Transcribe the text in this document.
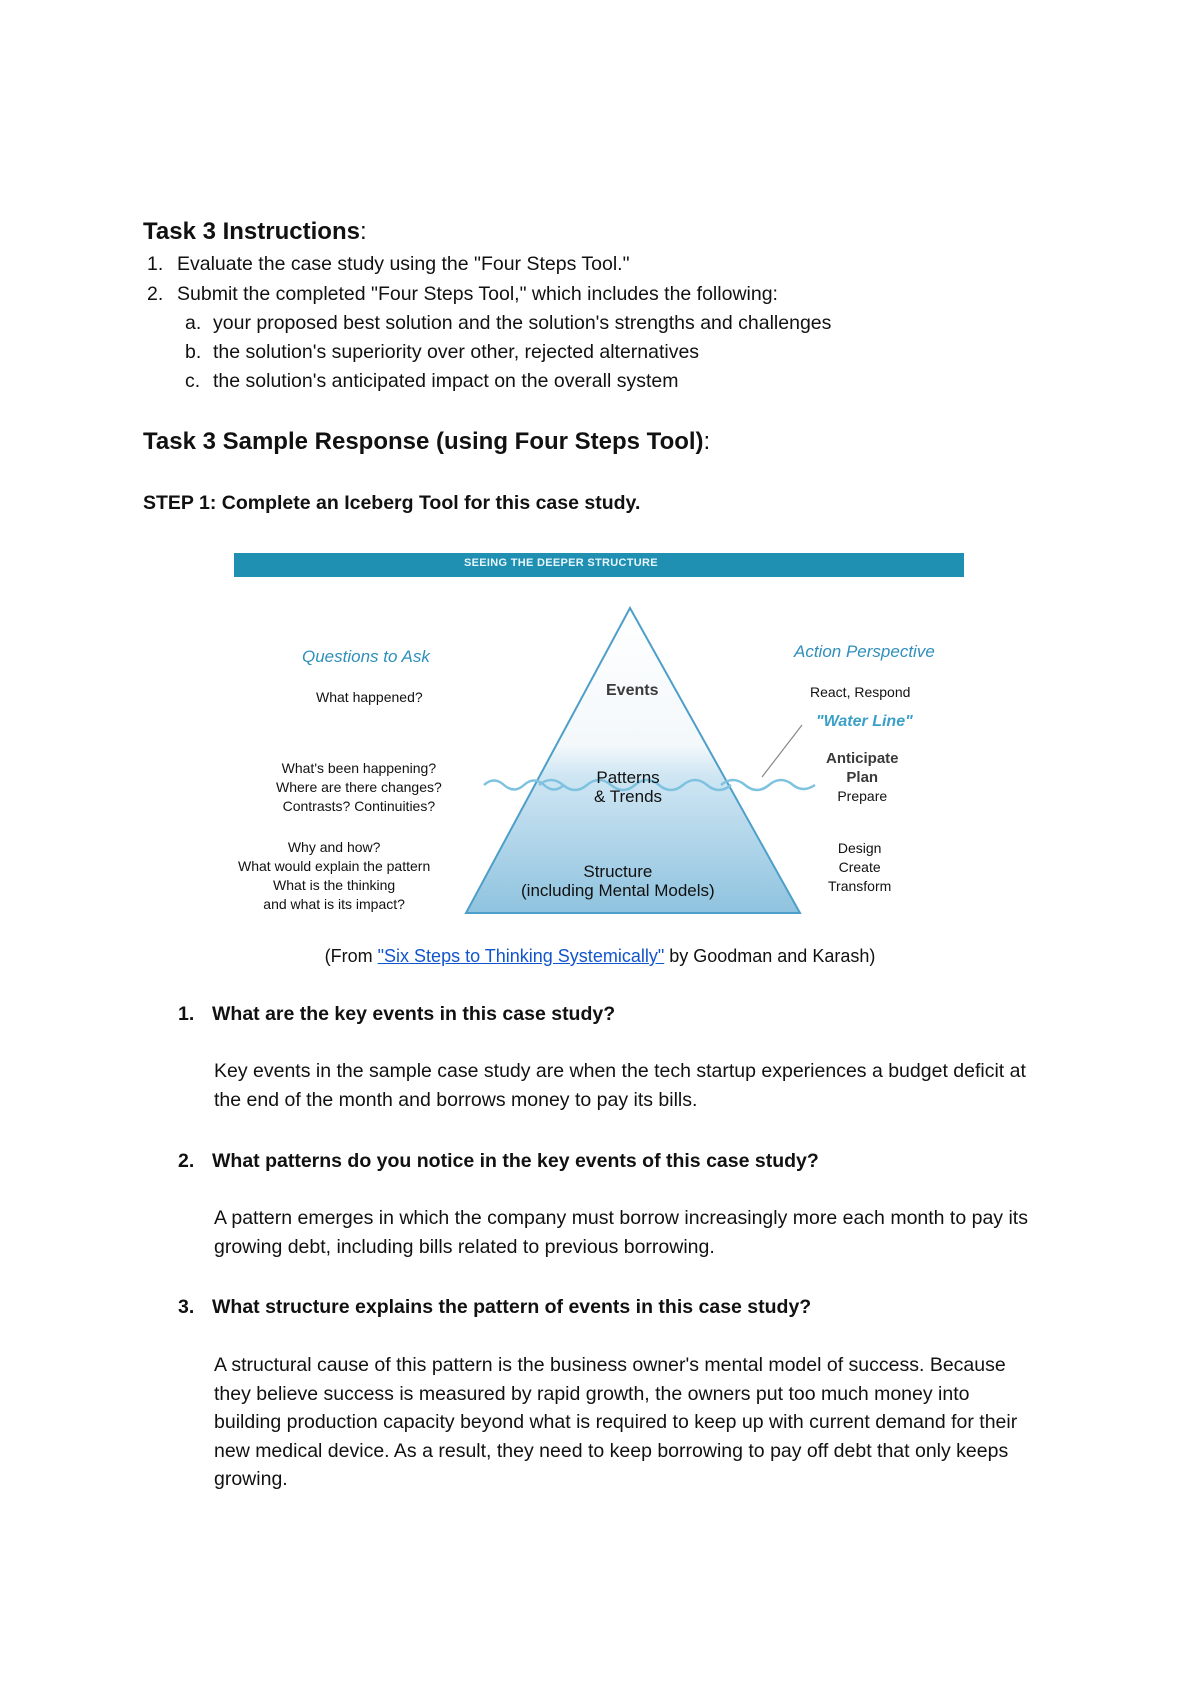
Task 3 Instructions:
1. Evaluate the case study using the "Four Steps Tool."
2. Submit the completed "Four Steps Tool," which includes the following:
a. your proposed best solution and the solution's strengths and challenges
b. the solution's superiority over other, rejected alternatives
c. the solution's anticipated impact on the overall system
Task 3 Sample Response (using Four Steps Tool):
STEP 1: Complete an Iceberg Tool for this case study.
SEEING THE DEEPER STRUCTURE
Questions to Ask
What happened?
What's been happening?
Where are there changes?
Contrasts? Continuities?
Why and how?
What would explain the pattern
What is the thinking
and what is its impact?
Events
Patterns
& Trends
Structure
(including Mental Models)
Action Perspective
React, Respond
"Water Line"
Anticipate
Plan
Prepare
Design
Create
Transform
(From "Six Steps to Thinking Systemically" by Goodman and Karash)
1. What are the key events in this case study?
Key events in the sample case study are when the tech startup experiences a budget deficit at the end of the month and borrows money to pay its bills.
2. What patterns do you notice in the key events of this case study?
A pattern emerges in which the company must borrow increasingly more each month to pay its growing debt, including bills related to previous borrowing.
3. What structure explains the pattern of events in this case study?
A structural cause of this pattern is the business owner's mental model of success. Because they believe success is measured by rapid growth, the owners put too much money into building production capacity beyond what is required to keep up with current demand for their new medical device. As a result, they need to keep borrowing to pay off debt that only keeps growing.
